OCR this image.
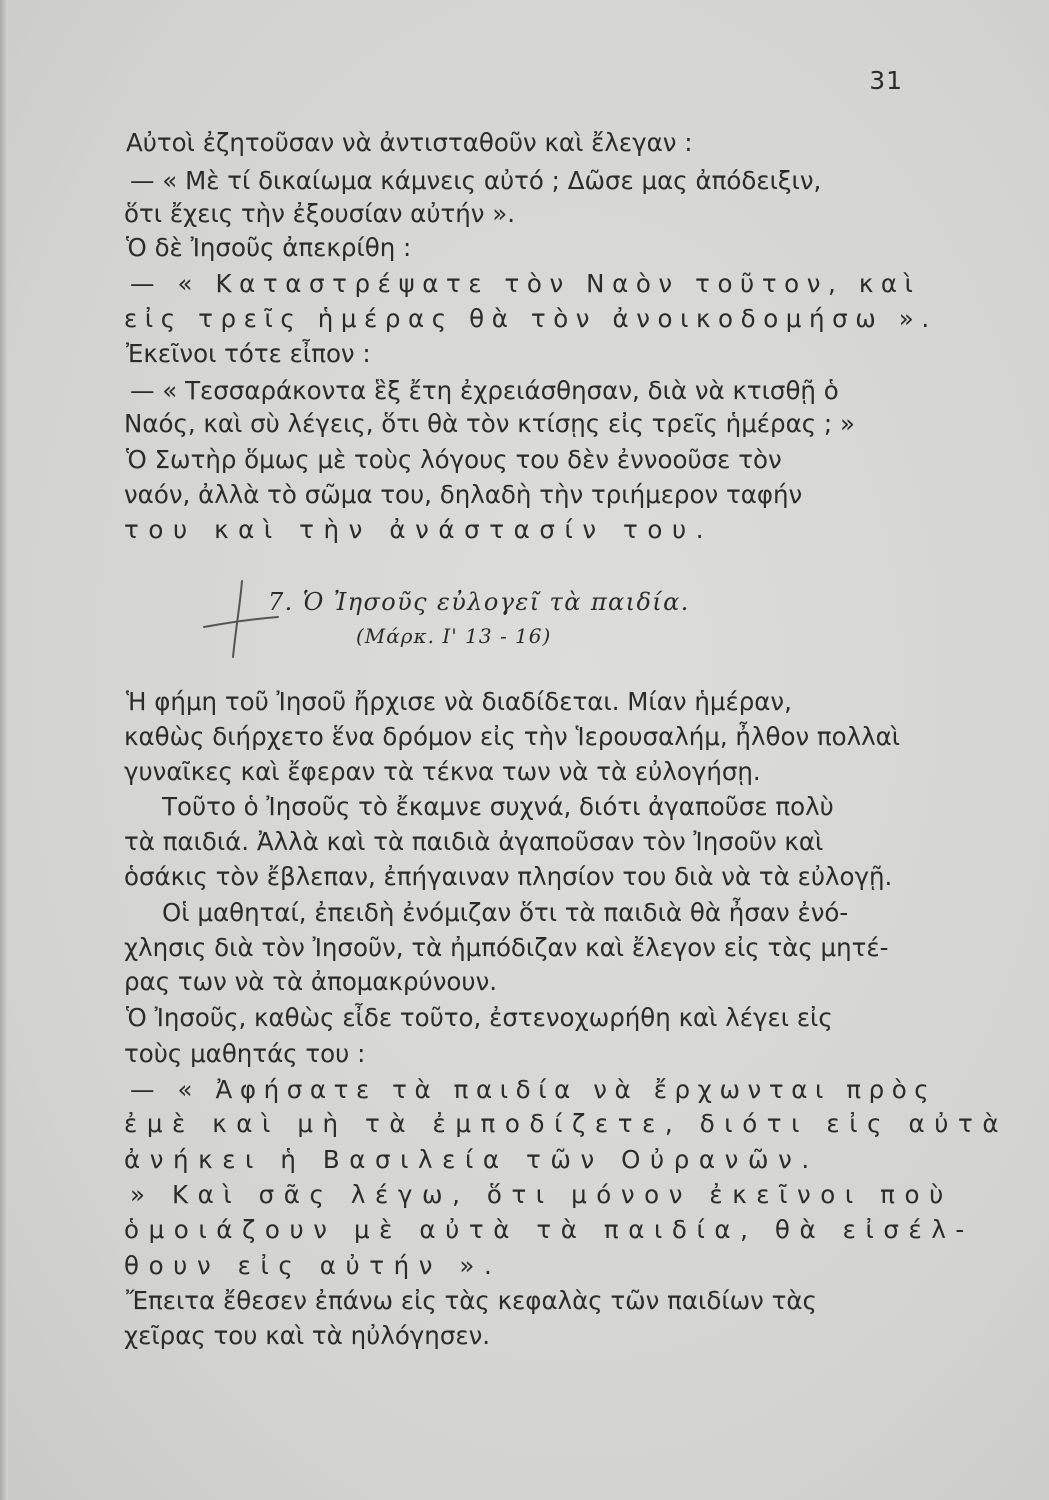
31
Αὐτοὶ ἐζητοῦσαν νὰ ἀντισταθοῦν καὶ ἔλεγαν :
— « Μὲ τί δικαίωμα κάμνεις αὐτό ; Δῶσε μας ἀπόδειξιν,
ὅτι ἔχεις τὴν ἐξουσίαν αὐτήν ».
Ὁ δὲ Ἰησοῦς ἀπεκρίθη :
— « Καταστρέψατε τὸν Ναὸν τοῦτον, καὶ
εἰς τρεῖς ἡμέρας θὰ τὸν ἀνοικοδομήσω ».
Ἐκεῖνοι τότε εἶπον :
— « Τεσσαράκοντα ἓξ ἔτη ἐχρειάσθησαν, διὰ νὰ κτισθῇ ὁ
Ναός, καὶ σὺ λέγεις, ὅτι θὰ τὸν κτίσῃς εἰς τρεῖς ἡμέρας ; »
Ὁ Σωτὴρ ὅμως μὲ τοὺς λόγους του δὲν ἐννοοῦσε τὸν
ναόν, ἀλλὰ τὸ σῶμα του, δηλαδὴ τὴν τριήμερον ταφήν
του καὶ τὴν ἀνάστασίν του.
7. Ὁ Ἰησοῦς εὐλογεῖ τὰ παιδία.
(Μάρκ. Ι' 13 - 16)
Ἡ φήμη τοῦ Ἰησοῦ ἤρχισε νὰ διαδίδεται. Μίαν ἡμέραν,
καθὼς διήρχετο ἕνα δρόμον εἰς τὴν Ἱερουσαλήμ, ἦλθον πολλαὶ
γυναῖκες καὶ ἔφεραν τὰ τέκνα των νὰ τὰ εὐλογήσῃ.
Τοῦτο ὁ Ἰησοῦς τὸ ἔκαμνε συχνά, διότι ἀγαποῦσε πολὺ
τὰ παιδιά. Ἀλλὰ καὶ τὰ παιδιὰ ἀγαποῦσαν τὸν Ἰησοῦν καὶ
ὁσάκις τὸν ἔβλεπαν, ἐπήγαιναν πλησίον του διὰ νὰ τὰ εὐλογῇ.
Οἱ μαθηταί, ἐπειδὴ ἐνόμιζαν ὅτι τὰ παιδιὰ θὰ ἦσαν ἐνό-
χλησις διὰ τὸν Ἰησοῦν, τὰ ἠμπόδιζαν καὶ ἔλεγον εἰς τὰς μητέ-
ρας των νὰ τὰ ἀπομακρύνουν.
Ὁ Ἰησοῦς, καθὼς εἶδε τοῦτο, ἐστενοχωρήθη καὶ λέγει εἰς
τοὺς μαθητάς του :
— « Ἀφήσατε τὰ παιδία νὰ ἔρχωνται πρὸς
ἐμὲ καὶ μὴ τὰ ἐμποδίζετε, διότι εἰς αὐτὰ
ἀνήκει ἡ Βασιλεία τῶν Οὐρανῶν.
» Καὶ σᾶς λέγω, ὅτι μόνον ἐκεῖνοι ποὺ
ὁμοιάζουν μὲ αὐτὰ τὰ παιδία, θὰ εἰσέλ-
θουν εἰς αὐτήν ».
Ἔπειτα ἔθεσεν ἐπάνω εἰς τὰς κεφαλὰς τῶν παιδίων τὰς
χεῖρας του καὶ τὰ ηὐλόγησεν.
